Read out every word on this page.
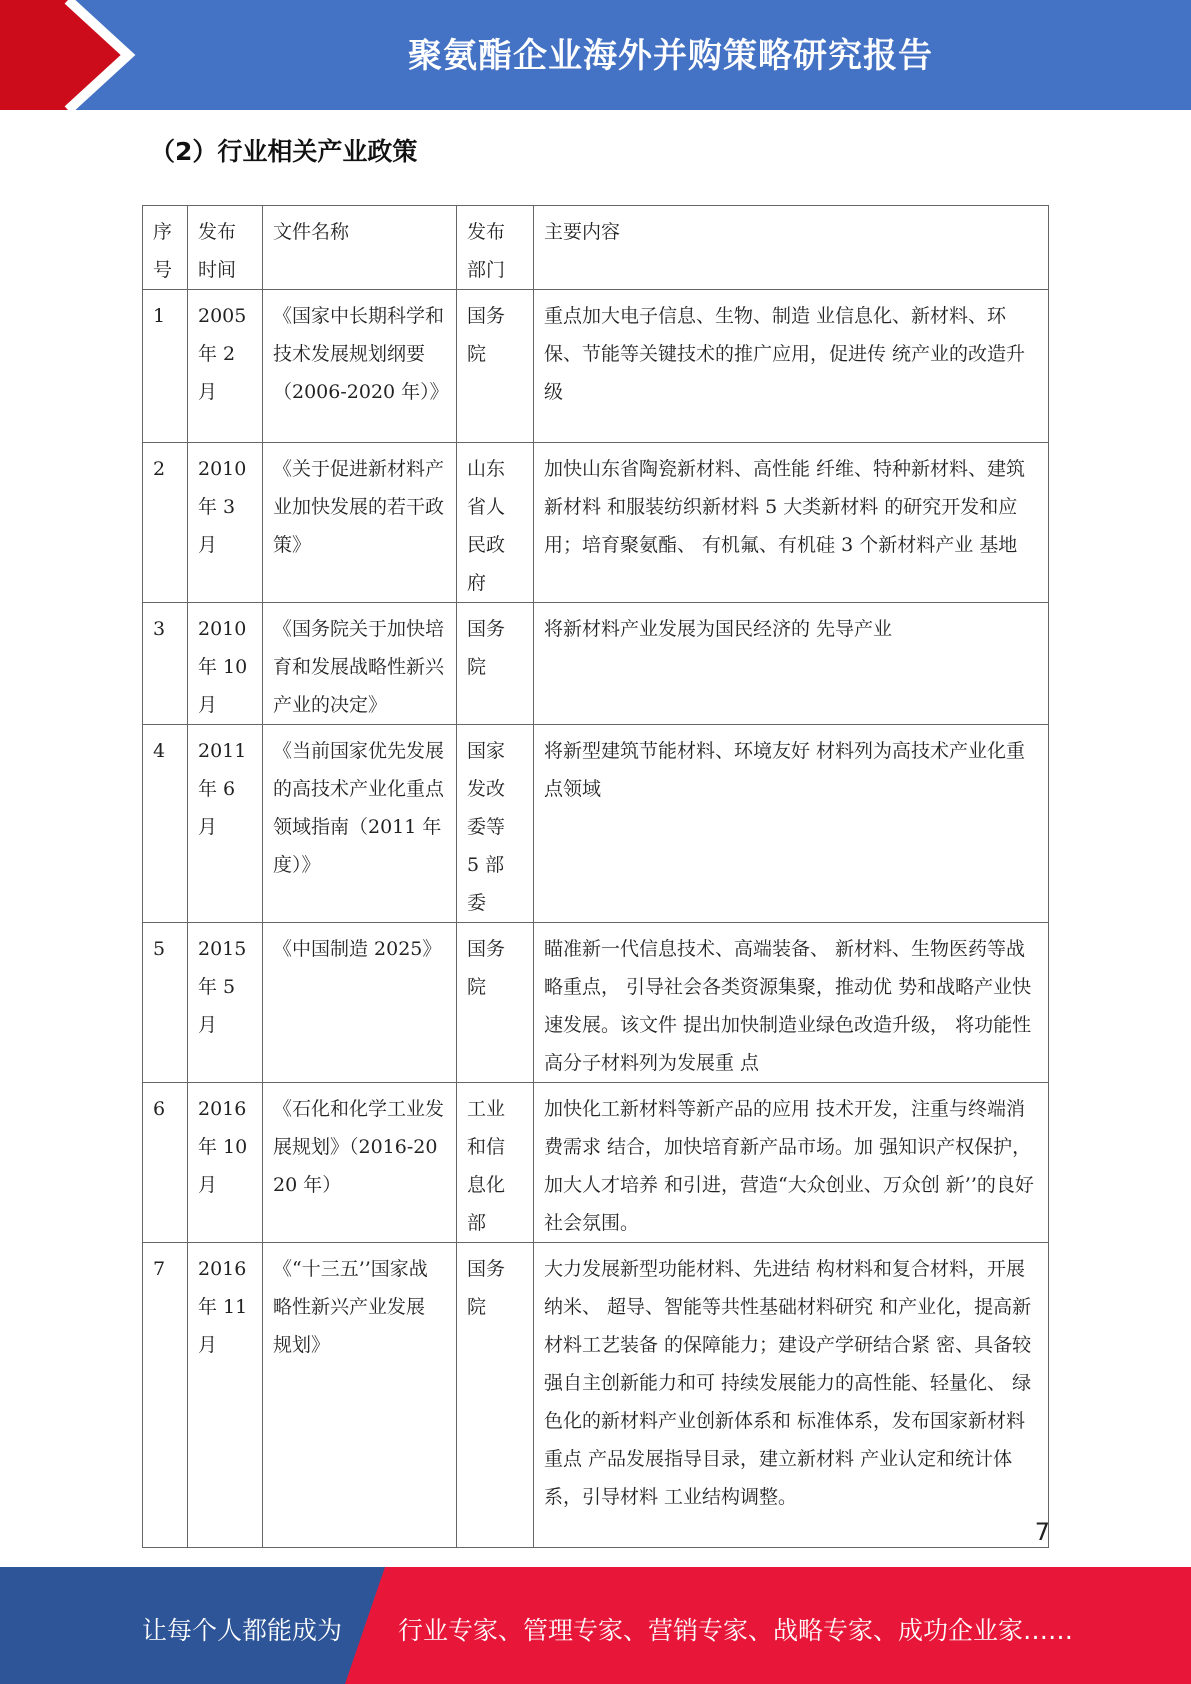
聚氨酯企业海外并购策略研究报告
（2）行业相关产业政策
序号	发布时间	文件名称	发布部门	主要内容
1	2005 年 2 月	《国家中长期科学和技术发展规划纲要（2006-2020 年）》	国务院	重点加大电子信息、生物、制造 业信息化、新材料、环保、节能等关键技术的推广应用，促进传 统产业的改造升级
2	2010 年 3 月	《关于促进新材料产业加快发展的若干政策》	山东省人民政府	加快山东省陶瓷新材料、高性能 纤维、特种新材料、建筑新材料 和服装纺织新材料 5 大类新材料 的研究开发和应用；培育聚氨酯、 有机氟、有机硅 3 个新材料产业 基地
3	2010 年 10 月	《国务院关于加快培育和发展战略性新兴产业的决定》	国务院	将新材料产业发展为国民经济的 先导产业
4	2011 年 6 月	《当前国家优先发展的高技术产业化重点领域指南（2011 年度）》	国家发改委等 5 部委	将新型建筑节能材料、环境友好 材料列为高技术产业化重点领域
5	2015 年 5 月	《中国制造 2025》	国务院	瞄准新一代信息技术、高端装备、 新材料、生物医药等战略重点， 引导社会各类资源集聚，推动优 势和战略产业快速发展。该文件 提出加快制造业绿色改造升级， 将功能性高分子材料列为发展重 点
6	2016 年 10 月	《石化和化学工业发展规划》（2016-2020 年）	工业和信息化部	加快化工新材料等新产品的应用 技术开发，注重与终端消费需求 结合，加快培育新产品市场。加 强知识产权保护，加大人才培养 和引进，营造“大众创业、万众创 新’’的良好社会氛围。
7	2016 年 11 月	《“十三五’’国家战 略性新兴产业发展 规划》	国务院	大力发展新型功能材料、先进结 构材料和复合材料，开展纳米、 超导、智能等共性基础材料研究 和产业化，提高新材料工艺装备 的保障能力；建设产学研结合紧 密、具备较强自主创新能力和可 持续发展能力的高性能、轻量化、 绿色化的新材料产业创新体系和 标准体系，发布国家新材料重点 产品发展指导目录，建立新材料 产业认定和统计体系，引导材料 工业结构调整。
7
让每个人都能成为 行业专家、管理专家、营销专家、战略专家、成功企业家……
